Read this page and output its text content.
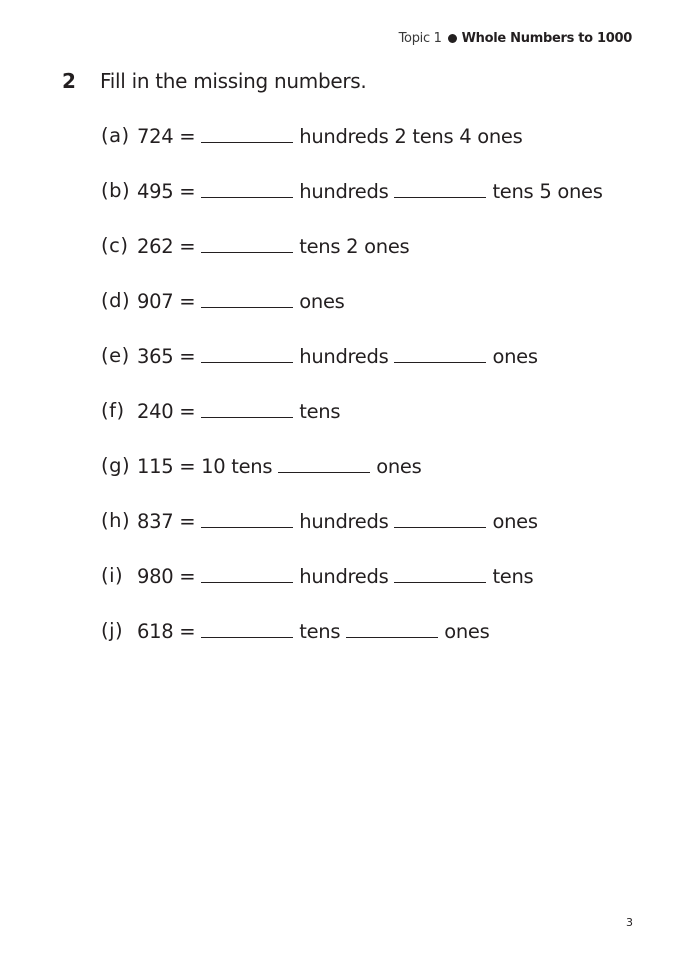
Topic 1 Whole Numbers to 1000
2	Fill in the missing numbers.
(a) 724 =	hundreds 2 tens 4 ones
(b) 495 =	hundreds	tens 5 ones
(c) 262 =	tens 2 ones
(d) 907 =	ones
(e) 365 =	hundreds	ones
(f) 240 =	tens
(g) 115 = 10 tens	ones
(h) 837 =	hundreds	ones
(i) 980 =	hundreds	tens
(j) 618 =	tens	ones
3
